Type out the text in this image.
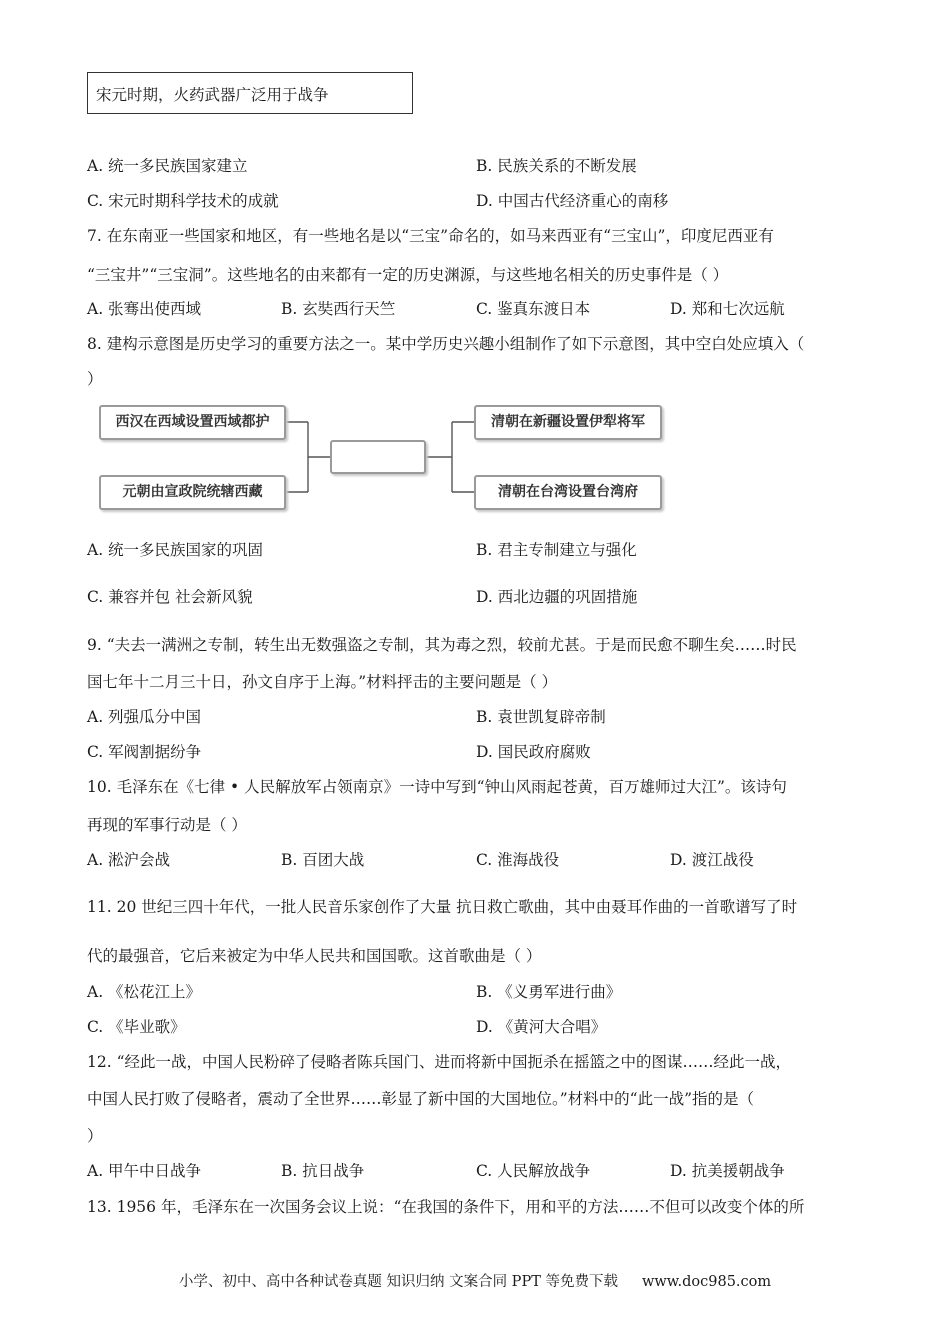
宋元时期，火药武器广泛用于战争
A. 统一多民族国家建立	B. 民族关系的不断发展
C. 宋元时期科学技术的成就	D. 中国古代经济重心的南移
7. 在东南亚一些国家和地区，有一些地名是以“三宝”命名的，如马来西亚有“三宝山”，印度尼西亚有
“三宝井”“三宝洞”。这些地名的由来都有一定的历史渊源，与这些地名相关的历史事件是（ ）
A. 张骞出使西域	B. 玄奘西行天竺	C. 鉴真东渡日本	D. 郑和七次远航
8. 建构示意图是历史学习的重要方法之一。某中学历史兴趣小组制作了如下示意图，其中空白处应填入（
）
西汉在西域设置西域都护
元朝由宣政院统辖西藏
清朝在新疆设置伊犁将军
清朝在台湾设置台湾府
A. 统一多民族国家的巩固	B. 君主专制建立与强化
C. 兼容并包 社会新风貌	D. 西北边疆的巩固措施
9. “夫去一满洲之专制，转生出无数强盗之专制，其为毒之烈，较前尤甚。于是而民愈不聊生矣……时民
国七年十二月三十日，孙文自序于上海。”材料抨击的主要问题是（ ）
A. 列强瓜分中国	B. 袁世凯复辟帝制
C. 军阀割据纷争	D. 国民政府腐败
10. 毛泽东在《七律 • 人民解放军占领南京》一诗中写到“钟山风雨起苍黄，百万雄师过大江”。该诗句
再现的军事行动是（ ）
A. 淞沪会战	B. 百团大战	C. 淮海战役	D. 渡江战役
11. 20 世纪三四十年代，一批人民音乐家创作了大量 抗日救亡歌曲，其中由聂耳作曲的一首歌谱写了时
代的最强音，它后来被定为中华人民共和国国歌。这首歌曲是（ ）
A. 《松花江上》	B. 《义勇军进行曲》
C. 《毕业歌》	D. 《黄河大合唱》
12. “经此一战，中国人民粉碎了侵略者陈兵国门、进而将新中国扼杀在摇篮之中的图谋……经此一战，
中国人民打败了侵略者，震动了全世界……彰显了新中国的大国地位。”材料中的“此一战”指的是（
）
A. 甲午中日战争	B. 抗日战争	C. 人民解放战争	D. 抗美援朝战争
13. 1956 年，毛泽东在一次国务会议上说：“在我国的条件下，用和平的方法……不但可以改变个体的所
小学、初中、高中各种试卷真题 知识归纳 文案合同 PPT 等免费下载 www.doc985.com
